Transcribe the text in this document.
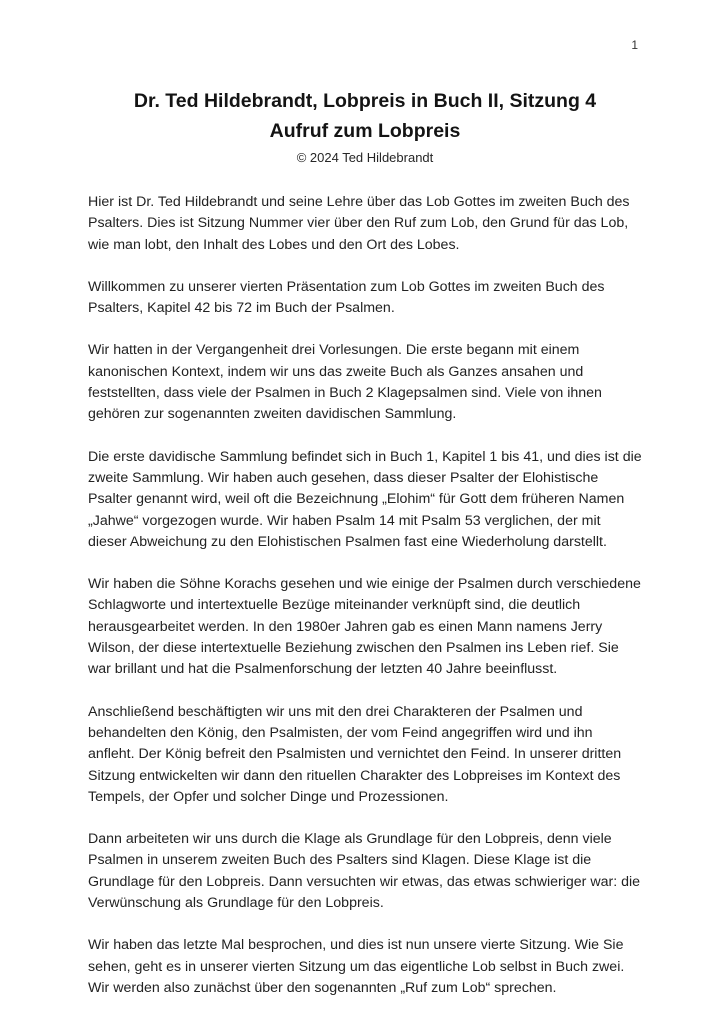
1
Dr. Ted Hildebrandt, Lobpreis in Buch II, Sitzung 4
Aufruf zum Lobpreis
© 2024 Ted Hildebrandt

Hier ist Dr. Ted Hildebrandt und seine Lehre über das Lob Gottes im zweiten Buch des Psalters. Dies ist Sitzung Nummer vier über den Ruf zum Lob, den Grund für das Lob, wie man lobt, den Inhalt des Lobes und den Ort des Lobes.

Willkommen zu unserer vierten Präsentation zum Lob Gottes im zweiten Buch des Psalters, Kapitel 42 bis 72 im Buch der Psalmen.

Wir hatten in der Vergangenheit drei Vorlesungen. Die erste begann mit einem kanonischen Kontext, indem wir uns das zweite Buch als Ganzes ansahen und feststellten, dass viele der Psalmen in Buch 2 Klagepsalmen sind. Viele von ihnen gehören zur sogenannten zweiten davidischen Sammlung.

Die erste davidische Sammlung befindet sich in Buch 1, Kapitel 1 bis 41, und dies ist die zweite Sammlung. Wir haben auch gesehen, dass dieser Psalter der Elohistische Psalter genannt wird, weil oft die Bezeichnung „Elohim“ für Gott dem früheren Namen „Jahwe“ vorgezogen wurde. Wir haben Psalm 14 mit Psalm 53 verglichen, der mit dieser Abweichung zu den Elohistischen Psalmen fast eine Wiederholung darstellt.

Wir haben die Söhne Korachs gesehen und wie einige der Psalmen durch verschiedene Schlagworte und intertextuelle Bezüge miteinander verknüpft sind, die deutlich herausgearbeitet werden. In den 1980er Jahren gab es einen Mann namens Jerry Wilson, der diese intertextuelle Beziehung zwischen den Psalmen ins Leben rief. Sie war brillant und hat die Psalmenforschung der letzten 40 Jahre beeinflusst.

Anschließend beschäftigten wir uns mit den drei Charakteren der Psalmen und behandelten den König, den Psalmisten, der vom Feind angegriffen wird und ihn anfleht. Der König befreit den Psalmisten und vernichtet den Feind. In unserer dritten Sitzung entwickelten wir dann den rituellen Charakter des Lobpreises im Kontext des Tempels, der Opfer und solcher Dinge und Prozessionen.

Dann arbeiteten wir uns durch die Klage als Grundlage für den Lobpreis, denn viele Psalmen in unserem zweiten Buch des Psalters sind Klagen. Diese Klage ist die Grundlage für den Lobpreis. Dann versuchten wir etwas, das etwas schwieriger war: die Verwünschung als Grundlage für den Lobpreis.

Wir haben das letzte Mal besprochen, und dies ist nun unsere vierte Sitzung. Wie Sie sehen, geht es in unserer vierten Sitzung um das eigentliche Lob selbst in Buch zwei. Wir werden also zunächst über den sogenannten „Ruf zum Lob“ sprechen.
